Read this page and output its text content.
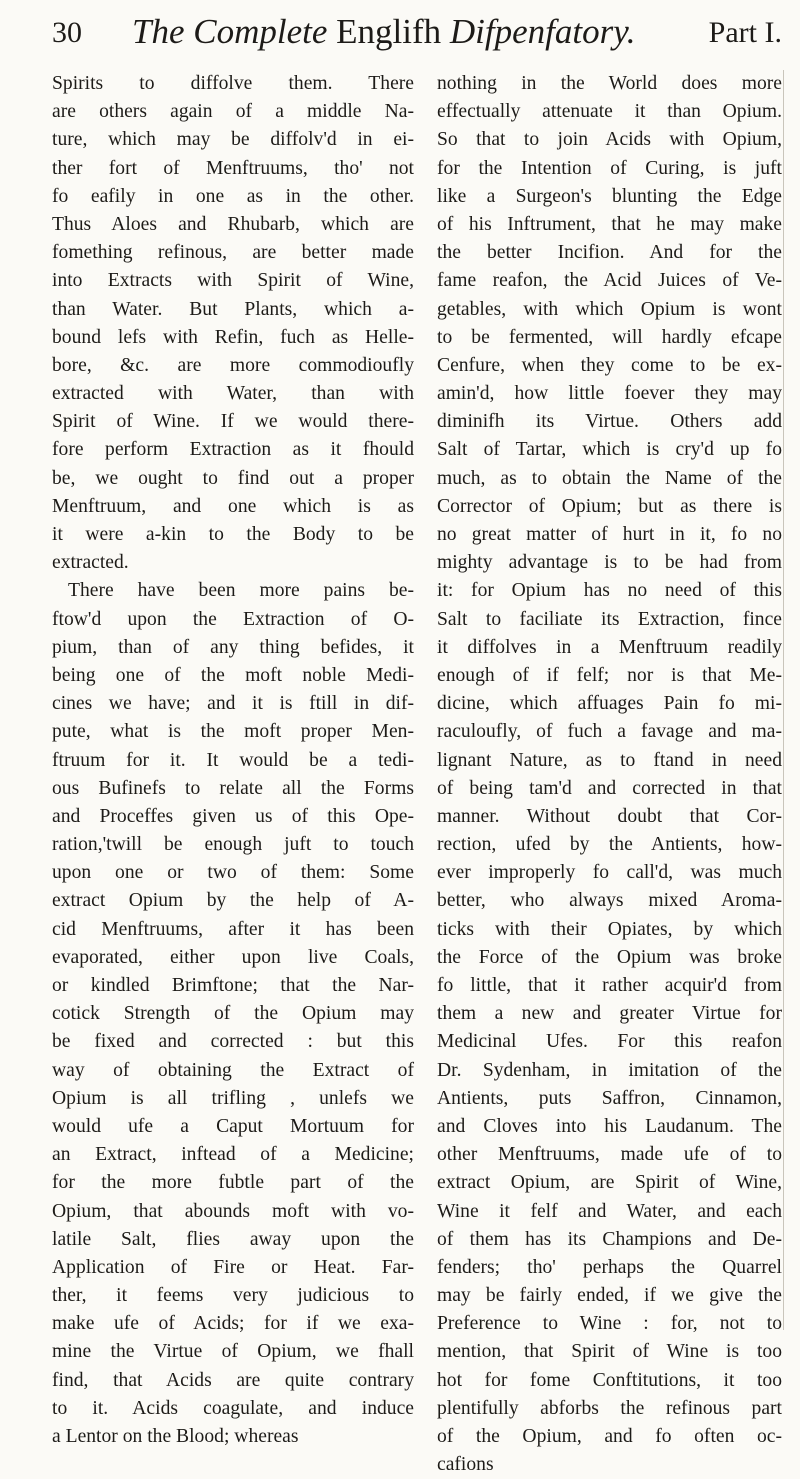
30 The Complete Englifh Difpenfatory. Part I.
Spirits to diffolve them. There
are others again of a middle Na-
ture, which may be diffolv'd in ei-
ther fort of Menftruums, tho' not
fo eafily in one as in the other.
Thus Aloes and Rhubarb, which are
fomething refinous, are better made
into Extracts with Spirit of Wine,
than Water. But Plants, which a-
bound lefs with Refin, fuch as Helle-
bore, &c. are more commodioufly
extracted with Water, than with
Spirit of Wine. If we would there-
fore perform Extraction as it fhould
be, we ought to find out a proper
Menftruum, and one which is as
it were a-kin to the Body to be
extracted.
There have been more pains be-
ftow'd upon the Extraction of O-
pium, than of any thing befides, it
being one of the moft noble Medi-
cines we have; and it is ftill in dif-
pute, what is the moft proper Men-
ftruum for it. It would be a tedi-
ous Bufinefs to relate all the Forms
and Proceffes given us of this Ope-
ration,'twill be enough juft to touch
upon one or two of them: Some
extract Opium by the help of A-
cid Menftruums, after it has been
evaporated, either upon live Coals,
or kindled Brimftone; that the Nar-
cotick Strength of the Opium may
be fixed and corrected : but this
way of obtaining the Extract of
Opium is all trifling , unlefs we
would ufe a Caput Mortuum for
an Extract, inftead of a Medicine;
for the more fubtle part of the
Opium, that abounds moft with vo-
latile Salt, flies away upon the
Application of Fire or Heat. Far-
ther, it feems very judicious to
make ufe of Acids; for if we exa-
mine the Virtue of Opium, we fhall
find, that Acids are quite contrary
to it. Acids coagulate, and induce
a Lentor on the Blood; whereas
nothing in the World does more
effectually attenuate it than Opium.
So that to join Acids with Opium,
for the Intention of Curing, is juft
like a Surgeon's blunting the Edge
of his Inftrument, that he may make
the better Incifion. And for the
fame reafon, the Acid Juices of Ve-
getables, with which Opium is wont
to be fermented, will hardly efcape
Cenfure, when they come to be ex-
amin'd, how little foever they may
diminifh its Virtue. Others add
Salt of Tartar, which is cry'd up fo
much, as to obtain the Name of the
Corrector of Opium; but as there is
no great matter of hurt in it, fo no
mighty advantage is to be had from
it: for Opium has no need of this
Salt to faciliate its Extraction, fince
it diffolves in a Menftruum readily
enough of if felf; nor is that Me-
dicine, which affuages Pain fo mi-
raculoufly, of fuch a favage and ma-
lignant Nature, as to ftand in need
of being tam'd and corrected in that
manner. Without doubt that Cor-
rection, ufed by the Antients, how-
ever improperly fo call'd, was much
better, who always mixed Aroma-
ticks with their Opiates, by which
the Force of the Opium was broke
fo little, that it rather acquir'd from
them a new and greater Virtue for
Medicinal Ufes. For this reafon
Dr. Sydenham, in imitation of the
Antients, puts Saffron, Cinnamon,
and Cloves into his Laudanum. The
other Menftruums, made ufe of to
extract Opium, are Spirit of Wine,
Wine it felf and Water, and each
of them has its Champions and De-
fenders; tho' perhaps the Quarrel
may be fairly ended, if we give the
Preference to Wine : for, not to
mention, that Spirit of Wine is too
hot for fome Conftitutions, it too
plentifully abforbs the refinous part
of the Opium, and fo often oc-
cafions
